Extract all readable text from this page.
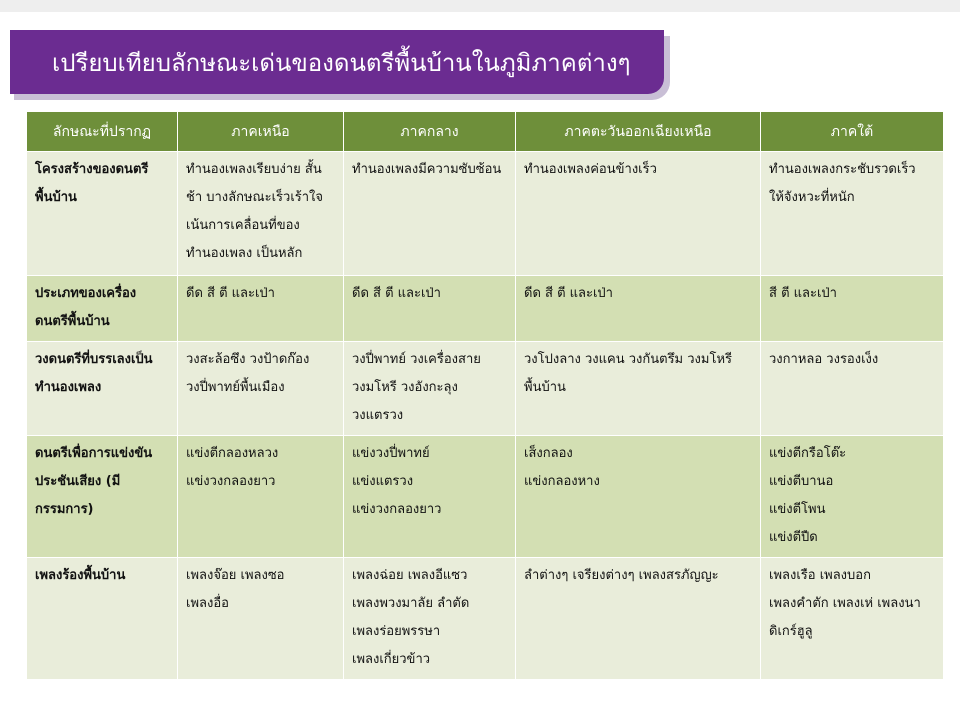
เปรียบเทียบลักษณะเด่นของดนตรีพื้นบ้านในภูมิภาคต่างๆ
ลักษณะที่ปรากฏ	ภาคเหนือ	ภาคกลาง	ภาคตะวันออกเฉียงเหนือ	ภาคใต้

โครงสร้างของดนตรี
พื้นบ้าน	ทำนองเพลงเรียบง่าย สั้น
ช้า บางลักษณะเร็วเร้าใจ
เน้นการเคลื่อนที่ของ
ทำนองเพลง เป็นหลัก	ทำนองเพลงมีความซับซ้อน	ทำนองเพลงค่อนข้างเร็ว	ทำนองเพลงกระชับรวดเร็ว
ให้จังหวะที่หนัก

ประเภทของเครื่อง
ดนตรีพื้นบ้าน	ดีด สี ตี และเป่า	ดีด สี ตี และเป่า	ดีด สี ตี และเป่า	สี ตี และเป่า

วงดนตรีที่บรรเลงเป็น
ทำนองเพลง	วงสะล้อซึง วงป้าดก๊อง
วงปี่พาทย์พื้นเมือง	วงปี่พาทย์ วงเครื่องสาย
วงมโหรี วงอังกะลุง
วงแตรวง	วงโปงลาง วงแคน วงกันตรึม วงมโหรี
พื้นบ้าน	วงกาหลอ วงรองเง็ง

ดนตรีเพื่อการแข่งขัน
ประชันเสียง (มี
กรรมการ)	แข่งตีกลองหลวง
แข่งวงกลองยาว	แข่งวงปี่พาทย์
แข่งแตรวง
แข่งวงกลองยาว	เส็งกลอง
แข่งกลองหาง	แข่งตีกรือโต๊ะ
แข่งตีบานอ
แข่งตีโพน
แข่งตีปืด

เพลงร้องพื้นบ้าน	เพลงจ๊อย เพลงซอ
เพลงอื่อ	เพลงฉ่อย เพลงอีแซว
เพลงพวงมาลัย ลำตัด
เพลงร่อยพรรษา
เพลงเกี่ยวข้าว	ลำต่างๆ เจรียงต่างๆ เพลงสรภัญญะ	เพลงเรือ เพลงบอก
เพลงคำตัก เพลงเห่ เพลงนา
ดิเกร์ฮูลู
